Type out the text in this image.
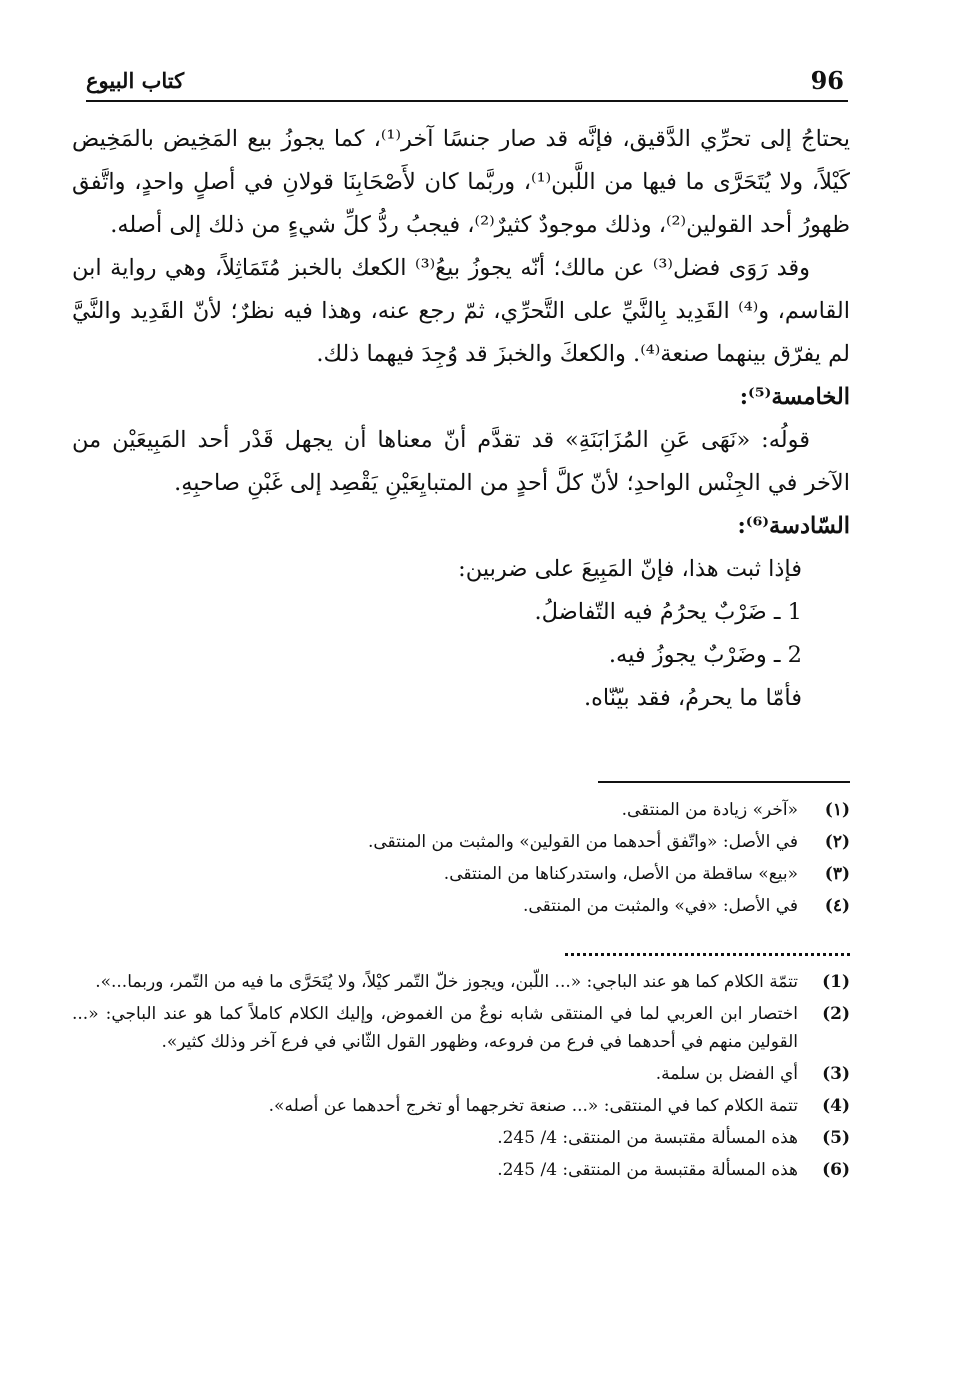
96
كتاب البيوع

يحتاجُ إلى تحرِّي الدَّقيق، فإنَّه قد صار جنسًا آخر⁽¹⁾، كما يجوزُ بيع المَخِيض بالمَخِيض كَيْلاً، ولا يُتَحَرَّى ما فيها من اللَّبن⁽¹⁾، وربَّما كان لأَصْحَابِنَا قولانِ في أصلٍ واحدٍ، واتَّفق ظهورُ أحد القولين⁽²⁾، وذلك موجودٌ كثيرٌ⁽²⁾، فيجبُ ردُّ كلِّ شيءٍ من ذلك إلى أصله.

وقد رَوَى فضل⁽³⁾ عن مالك؛ أنّه يجوزُ بيعُ⁽³⁾ الكعك بالخبز مُتَمَاثِلاً، وهي رواية ابن القاسم، و⁽⁴⁾ القَدِيد بِالنَّيِّ على التَّحرِّي، ثمّ رجع عنه، وهذا فيه نظرٌ؛ لأنّ القَدِيد والنَّيَّ لم يفرّق بينهما صنعة⁽⁴⁾. والكعكَ والخبزَ قد وُجِدَ فيهما ذلك.

الخامسة⁽⁵⁾:

قولُه: «نَهَى عَنِ المُزَابَنَةِ» قد تقدَّم أنّ معناها أن يجهل قَدْر أحد المَبِيعَيْن من الآخر في الجِنْس الواحدِ؛ لأنّ كلَّ أحدٍ من المتبايِعَيْنِ يَقْصِد إلى غَبْنِ صاحبِهِ.

السّادسة⁽⁶⁾:

فإذا ثبت هذا، فإنّ المَبِيعَ على ضربين:

1 ـ ضَرْبٌ يحرُمُ فيه التّفاضلُ.

2 ـ وضَرْبٌ يجوزُ فيه.

فأمّا ما يحرمُ، فقد بيّنّاه.

(١)
«آخر» زيادة من المنتقى.
(٢)
في الأصل: «واتّفق أحدهما من القولين» والمثبت من المنتقى.
(٣)
«بيع» ساقطة من الأصل، واستدركناها من المنتقى.
(٤)
في الأصل: «في» والمثبت من المنتقى.
(1)
تتمّة الكلام كما هو عند الباجي: «... اللّبن، ويجوز خلّ التّمر كيْلاً، ولا يُتَحَرَّى ما فيه من التّمر، وربما...».
(2)
اختصار ابن العربي لما في المنتقى شابه نوعٌ من الغموض، وإليك الكلام كاملاً كما هو عند الباجي: «... القولين منهم في أحدهما في فرع من فروعه، وظهور القول الثّاني في فرع آخر وذلك كثير».
(3)
أي الفضل بن سلمة.
(4)
تتمة الكلام كما في المنتقى: «... صنعة تخرجهما أو تخرج أحدهما عن أصله».
(5)
هذه المسألة مقتبسة من المنتقى: 4/ 245.
(6)
هذه المسألة مقتبسة من المنتقى: 4/ 245.
